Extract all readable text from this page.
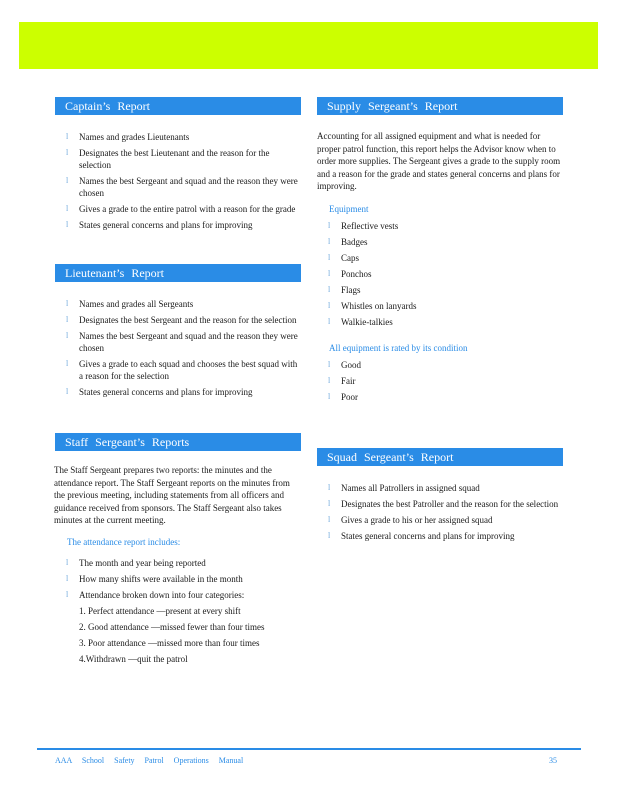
Captain’s Report
l Names and grades Lieutenants
l Designates the best Lieutenant and the reason for the selection
l Names the best Sergeant and squad and the reason they were chosen
l Gives a grade to the entire patrol with a reason for the grade
l States general concerns and plans for improving
Lieutenant’s Report
l Names and grades all Sergeants
l Designates the best Sergeant and the reason for the selection
l Names the best Sergeant and squad and the reason they were chosen
l Gives a grade to each squad and chooses the best squad with a reason for the selection
l States general concerns and plans for improving
Staff Sergeant’s Reports

The Staff Sergeant prepares two reports: the minutes and the attendance report. The Staff Sergeant reports on the minutes from the previous meeting, including statements from all officers and guidance received from sponsors. The Staff Sergeant also takes minutes at the current meeting.

The attendance report includes:

l The month and year being reported
l How many shifts were available in the month
l Attendance broken down into four categories:
1. Perfect attendance —present at every shift
2. Good attendance —missed fewer than four times
3. Poor attendance —missed more than four times
4.Withdrawn —quit the patrol
Supply Sergeant’s Report

Accounting for all assigned equipment and what is needed for proper patrol function, this report helps the Advisor know when to order more supplies. The Sergeant gives a grade to the supply room and a reason for the grade and states general concerns and plans for improving.

Equipment

l Reflective vests
l Badges
l Caps
l Ponchos
l Flags
l Whistles on lanyards
l Walkie-talkies

All equipment is rated by its condition

l Good
l Fair
l Poor
Squad Sergeant’s Report
l Names all Patrollers in assigned squad
l Designates the best Patroller and the reason for the selection
l Gives a grade to his or her assigned squad
l States general concerns and plans for improving
AAA School Safety Patrol Operations Manual	35
